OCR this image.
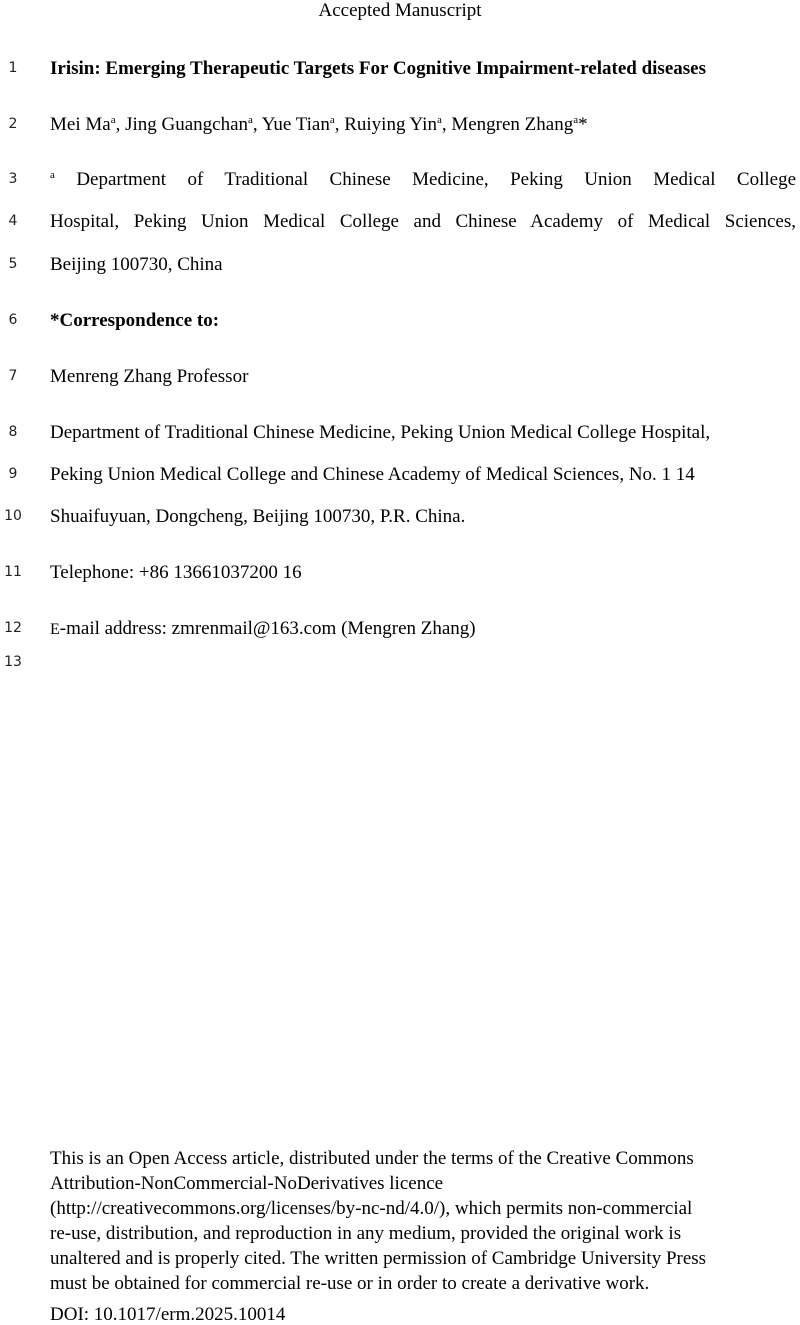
Accepted Manuscript
1
2
3
4
5
6
7
8
9
10
11
12
13
Irisin: Emerging Therapeutic Targets For Cognitive Impairment-related diseases
Mei Ma$^a$, Jing Guangchan$^a$, Yue Tian$^a$, Ruiying Yin$^a$, Mengren Zhang$^a$*
$^a$ Department of Traditional Chinese Medicine, Peking Union Medical College
Hospital, Peking Union Medical College and Chinese Academy of Medical Sciences,
Beijing 100730, China
*Correspondence to:
Menreng Zhang Professor
Department of Traditional Chinese Medicine, Peking Union Medical College Hospital,
Peking Union Medical College and Chinese Academy of Medical Sciences, No. 1 14
Shuaifuyuan, Dongcheng, Beijing 100730, P.R. China.
Telephone: +86 13661037200 16
E-mail address: zmrenmail@163.com (Mengren Zhang)
This is an Open Access article, distributed under the terms of the Creative Commons
Attribution-NonCommercial-NoDerivatives licence
(http://creativecommons.org/licenses/by-nc-nd/4.0/), which permits non-commercial
re-use, distribution, and reproduction in any medium, provided the original work is
unaltered and is properly cited. The written permission of Cambridge University Press
must be obtained for commercial re-use or in order to create a derivative work.
DOI: 10.1017/erm.2025.10014
